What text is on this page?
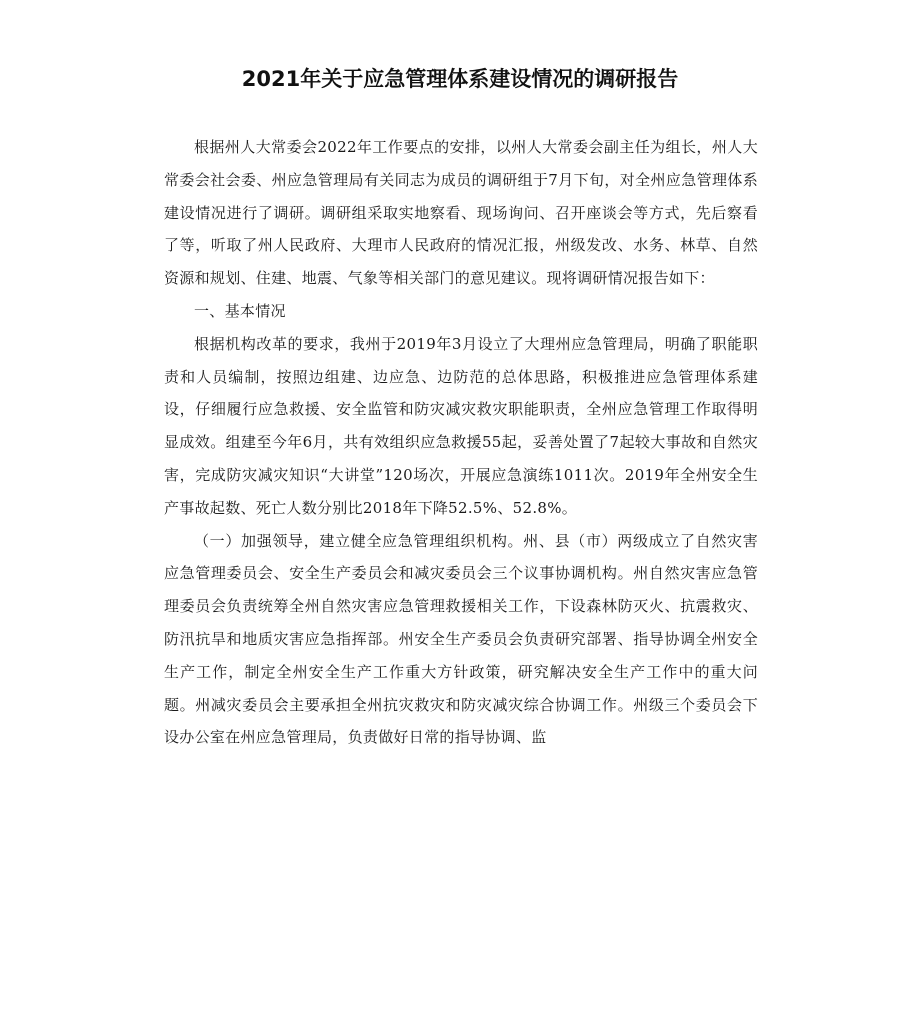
2021年关于应急管理体系建设情况的调研报告

根据州人大常委会2022年工作要点的安排，以州人大常委会副主任为组长，州人大常委会社会委、州应急管理局有关同志为成员的调研组于7月下旬，对全州应急管理体系建设情况进行了调研。调研组采取实地察看、现场询问、召开座谈会等方式，先后察看了等，听取了州人民政府、大理市人民政府的情况汇报，州级发改、水务、林草、自然资源和规划、住建、地震、气象等相关部门的意见建议。现将调研情况报告如下：

一、基本情况

根据机构改革的要求，我州于2019年3月设立了大理州应急管理局，明确了职能职责和人员编制，按照边组建、边应急、边防范的总体思路，积极推进应急管理体系建设，仔细履行应急救援、安全监管和防灾减灾救灾职能职责，全州应急管理工作取得明显成效。组建至今年6月，共有效组织应急救援55起，妥善处置了7起较大事故和自然灾害，完成防灾减灾知识“大讲堂”120场次，开展应急演练1011次。2019年全州安全生产事故起数、死亡人数分别比2018年下降52.5%、52.8%。

（一）加强领导，建立健全应急管理组织机构。州、县（市）两级成立了自然灾害应急管理委员会、安全生产委员会和减灾委员会三个议事协调机构。州自然灾害应急管理委员会负责统筹全州自然灾害应急管理救援相关工作，下设森林防灭火、抗震救灾、防汛抗旱和地质灾害应急指挥部。州安全生产委员会负责研究部署、指导协调全州安全生产工作，制定全州安全生产工作重大方针政策，研究解决安全生产工作中的重大问题。州减灾委员会主要承担全州抗灾救灾和防灾减灾综合协调工作。州级三个委员会下设办公室在州应急管理局，负责做好日常的指导协调、监
